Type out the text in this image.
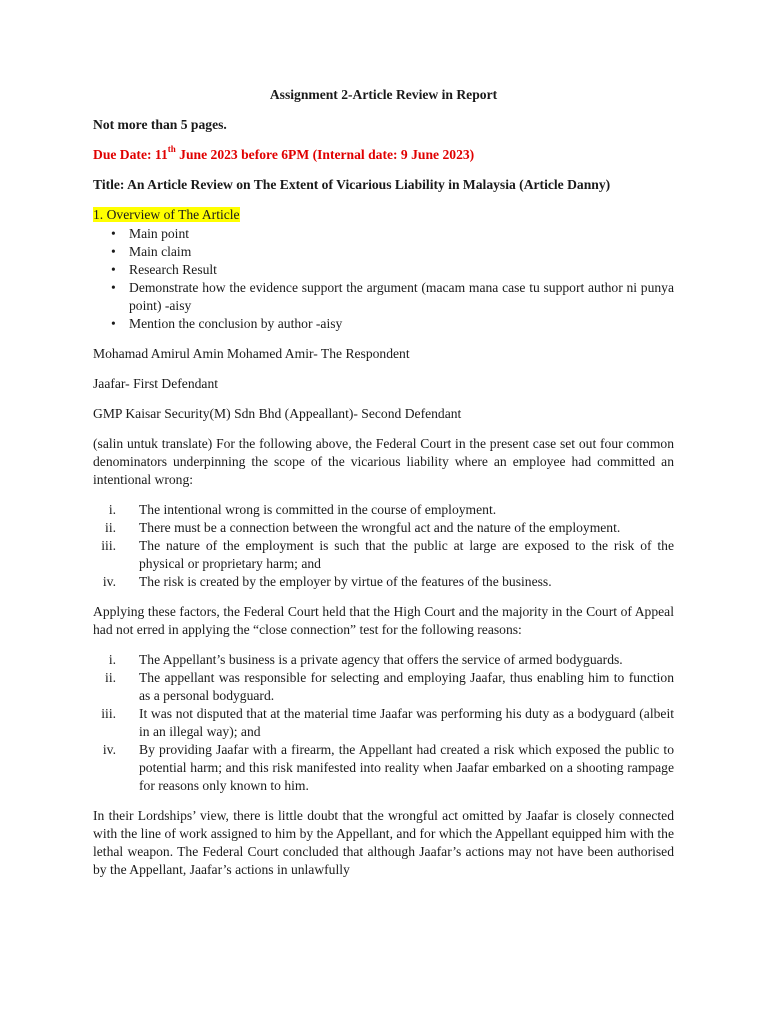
Assignment 2-Article Review in Report

Not more than 5 pages.

Due Date: 11th June 2023 before 6PM (Internal date: 9 June 2023)

Title: An Article Review on The Extent of Vicarious Liability in Malaysia (Article Danny)

1. Overview of The Article

• Main point
• Main claim
• Research Result
• Demonstrate how the evidence support the argument (macam mana case tu support author ni punya point) -aisy
• Mention the conclusion by author -aisy

Mohamad Amirul Amin Mohamed Amir- The Respondent

Jaafar- First Defendant

GMP Kaisar Security(M) Sdn Bhd (Appeallant)- Second Defendant

(salin untuk translate) For the following above, the Federal Court in the present case set out four common denominators underpinning the scope of the vicarious liability where an employee had committed an intentional wrong:

i. The intentional wrong is committed in the course of employment.
ii. There must be a connection between the wrongful act and the nature of the employment.
iii. The nature of the employment is such that the public at large are exposed to the risk of the physical or proprietary harm; and
iv. The risk is created by the employer by virtue of the features of the business.

Applying these factors, the Federal Court held that the High Court and the majority in the Court of Appeal had not erred in applying the “close connection” test for the following reasons:

i. The Appellant’s business is a private agency that offers the service of armed bodyguards.
ii. The appellant was responsible for selecting and employing Jaafar, thus enabling him to function as a personal bodyguard.
iii. It was not disputed that at the material time Jaafar was performing his duty as a bodyguard (albeit in an illegal way); and
iv. By providing Jaafar with a firearm, the Appellant had created a risk which exposed the public to potential harm; and this risk manifested into reality when Jaafar embarked on a shooting rampage for reasons only known to him.

In their Lordships’ view, there is little doubt that the wrongful act omitted by Jaafar is closely connected with the line of work assigned to him by the Appellant, and for which the Appellant equipped him with the lethal weapon. The Federal Court concluded that although Jaafar’s actions may not have been authorised by the Appellant, Jaafar’s actions in unlawfully
